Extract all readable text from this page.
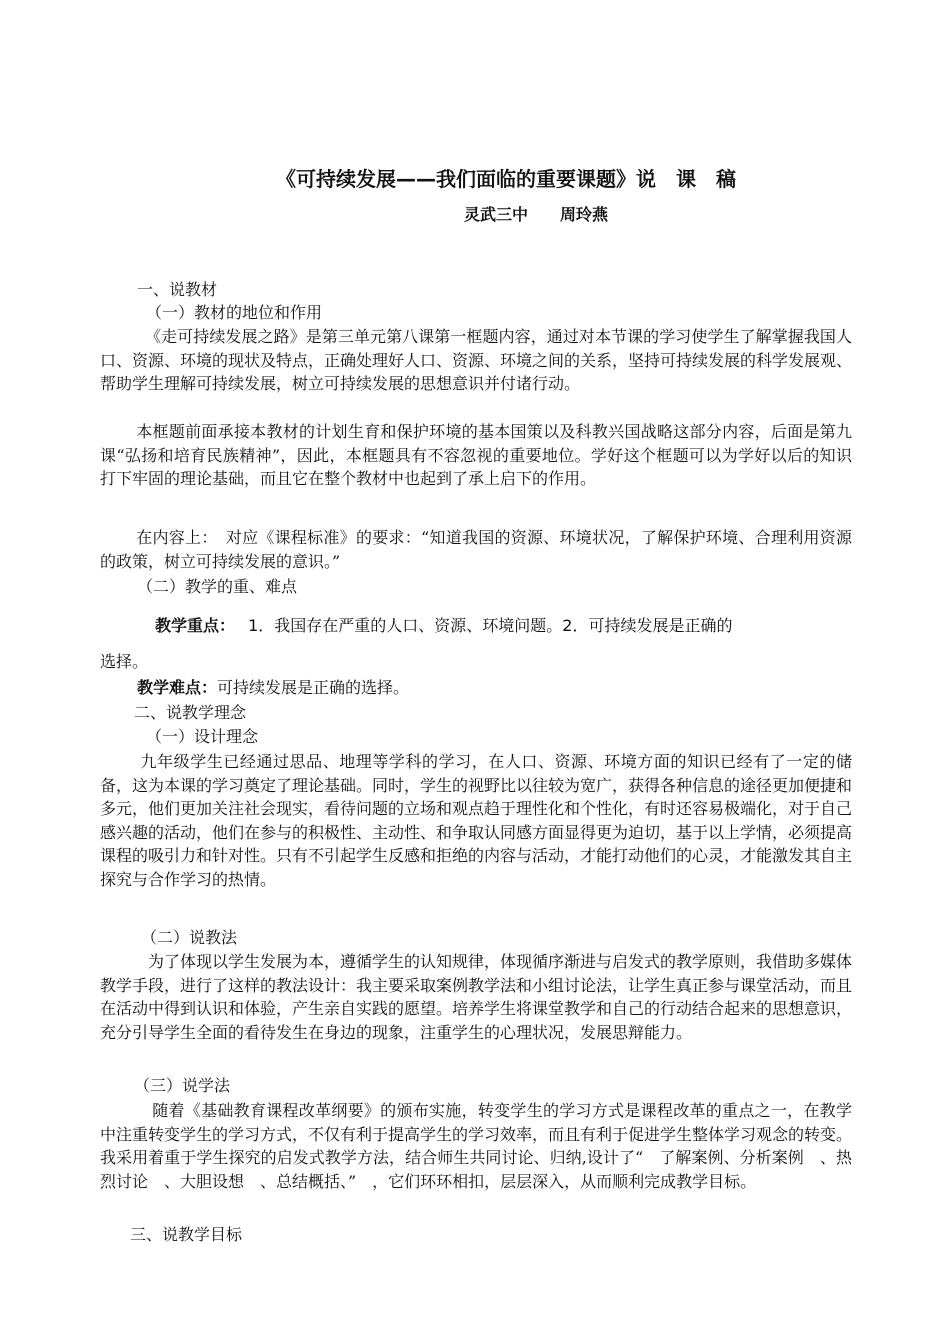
《可持续发展——我们面临的重要课题》说　课　稿
灵武三中　　周玲燕
一、说教材
（一）教材的地位和作用
《走可持续发展之路》是第三单元第八课第一框题内容，通过对本节课的学习使学生了解掌握我国人口、资源、环境的现状及特点，正确处理好人口、资源、环境之间的关系，坚持可持续发展的科学发展观、帮助学生理解可持续发展，树立可持续发展的思想意识并付诸行动。
本框题前面承接本教材的计划生育和保护环境的基本国策以及科教兴国战略这部分内容，后面是第九课“弘扬和培育民族精神”，因此，本框题具有不容忽视的重要地位。学好这个框题可以为学好以后的知识打下牢固的理论基础，而且它在整个教材中也起到了承上启下的作用。
在内容上：　对应《课程标准》的要求：“知道我国的资源、环境状况，了解保护环境、合理利用资源的政策，树立可持续发展的意识。”
（二）教学的重、难点
教学重点： 1．我国存在严重的人口、资源、环境问题。2．可持续发展是正确的
选择。
教学难点：可持续发展是正确的选择。
二、说教学理念
（一）设计理念
九年级学生已经通过思品、地理等学科的学习，在人口、资源、环境方面的知识已经有了一定的储备，这为本课的学习奠定了理论基础。同时，学生的视野比以往较为宽广，获得各种信息的途径更加便捷和多元，他们更加关注社会现实，看待问题的立场和观点趋于理性化和个性化，有时还容易极端化，对于自己感兴趣的活动，他们在参与的积极性、主动性、和争取认同感方面显得更为迫切，基于以上学情，必须提高课程的吸引力和针对性。只有不引起学生反感和拒绝的内容与活动，才能打动他们的心灵，才能激发其自主探究与合作学习的热情。
（二）说教法
为了体现以学生发展为本，遵循学生的认知规律，体现循序渐进与启发式的教学原则，我借助多媒体教学手段，进行了这样的教法设计：我主要采取案例教学法和小组讨论法，让学生真正参与课堂活动，而且在活动中得到认识和体验，产生亲自实践的愿望。培养学生将课堂教学和自己的行动结合起来的思想意识，充分引导学生全面的看待发生在身边的现象，注重学生的心理状况，发展思辩能力。
（三）说学法
随着《基础教育课程改革纲要》的颁布实施，转变学生的学习方式是课程改革的重点之一，在教学中注重转变学生的学习方式，不仅有利于提高学生的学习效率，而且有利于促进学生整体学习观念的转变。我采用着重于学生探究的启发式教学方法，结合师生共同讨论、归纳,设计了“　了解案例、分析案例　、热烈讨论　、大胆设想　、总结概括、”　，它们环环相扣，层层深入，从而顺利完成教学目标。
三、说教学目标
